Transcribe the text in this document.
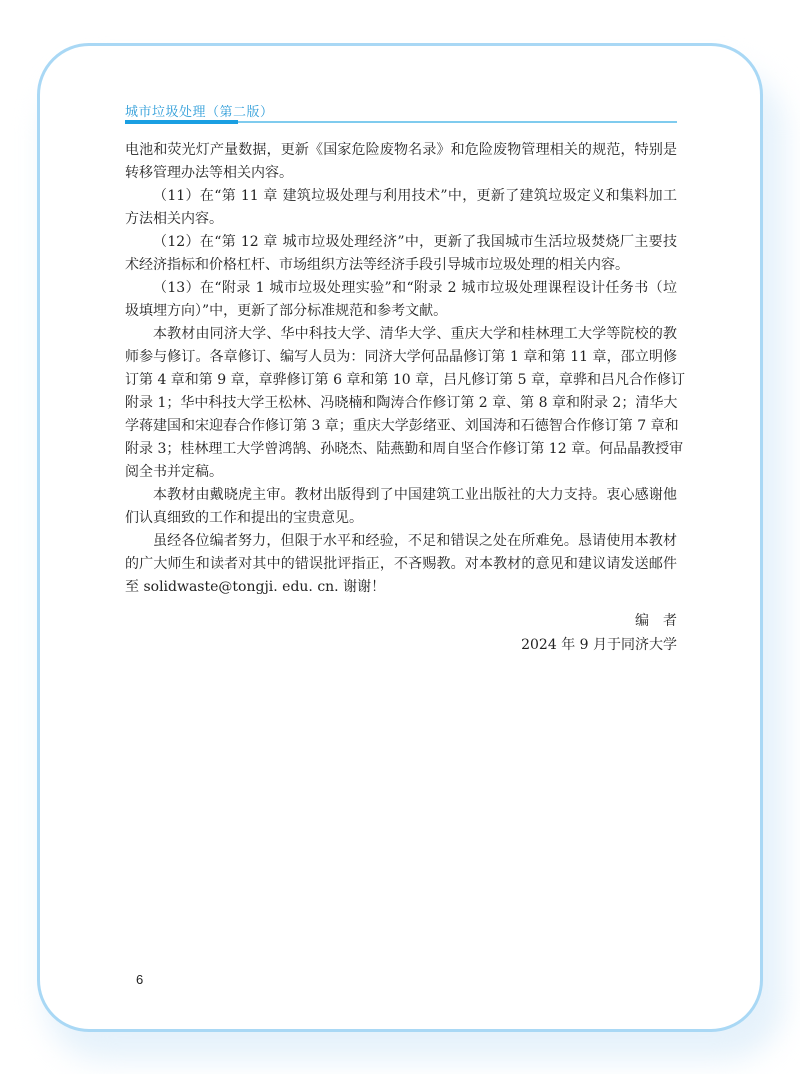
城市垃圾处理（第二版）
电池和荧光灯产量数据，更新《国家危险废物名录》和危险废物管理相关的规范，特别是
转移管理办法等相关内容。
（11）在“第 11 章 建筑垃圾处理与利用技术”中，更新了建筑垃圾定义和集料加工
方法相关内容。
（12）在“第 12 章 城市垃圾处理经济”中，更新了我国城市生活垃圾焚烧厂主要技
术经济指标和价格杠杆、市场组织方法等经济手段引导城市垃圾处理的相关内容。
（13）在“附录 1 城市垃圾处理实验”和“附录 2 城市垃圾处理课程设计任务书（垃
圾填埋方向）”中，更新了部分标准规范和参考文献。
本教材由同济大学、华中科技大学、清华大学、重庆大学和桂林理工大学等院校的教
师参与修订。各章修订、编写人员为：同济大学何品晶修订第 1 章和第 11 章，邵立明修
订第 4 章和第 9 章，章骅修订第 6 章和第 10 章，吕凡修订第 5 章，章骅和吕凡合作修订
附录 1；华中科技大学王松林、冯晓楠和陶涛合作修订第 2 章、第 8 章和附录 2；清华大
学蒋建国和宋迎春合作修订第 3 章；重庆大学彭绪亚、刘国涛和石德智合作修订第 7 章和
附录 3；桂林理工大学曾鸿鹄、孙晓杰、陆燕勤和周自坚合作修订第 12 章。何品晶教授审
阅全书并定稿。
本教材由戴晓虎主审。教材出版得到了中国建筑工业出版社的大力支持。衷心感谢他
们认真细致的工作和提出的宝贵意见。
虽经各位编者努力，但限于水平和经验，不足和错误之处在所难免。恳请使用本教材
的广大师生和读者对其中的错误批评指正，不吝赐教。对本教材的意见和建议请发送邮件
至 solidwaste@tongji. edu. cn. 谢谢！
编　者
2024 年 9 月于同济大学
6
